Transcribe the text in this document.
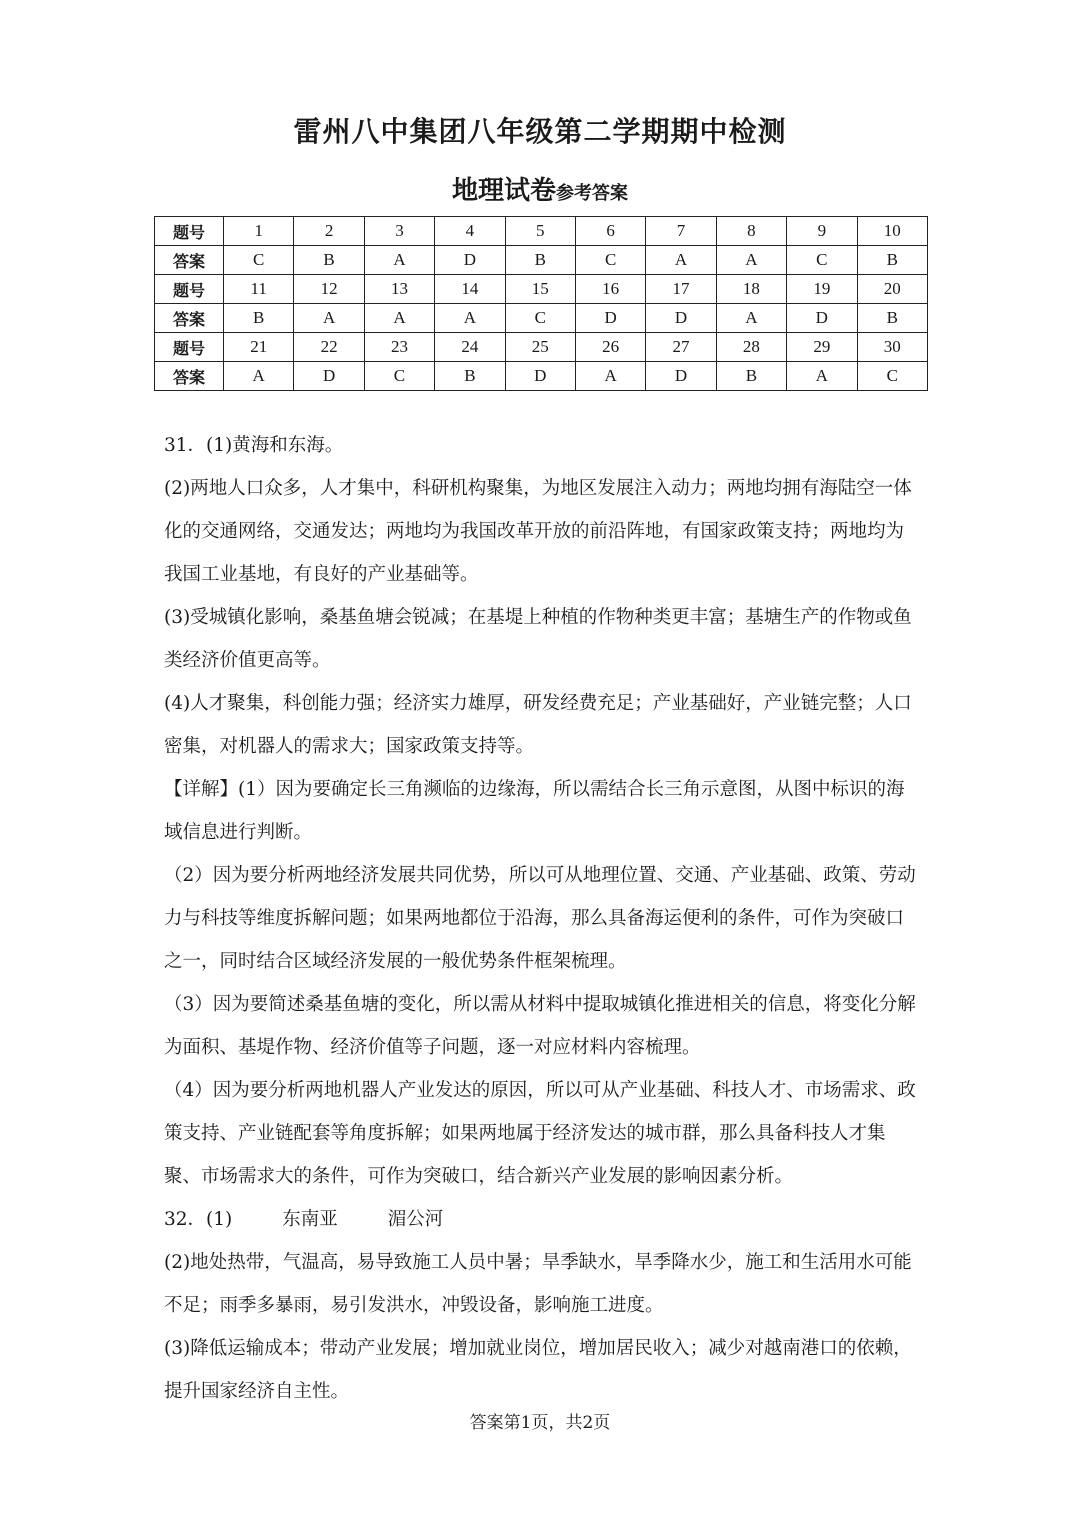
雷州八中集团八年级第二学期期中检测
地理试卷参考答案
题号	1	2	3	4	5	6	7	8	9	10
答案	C	B	A	D	B	C	A	A	C	B
题号	11	12	13	14	15	16	17	18	19	20
答案	B	A	A	A	C	D	D	A	D	B
题号	21	22	23	24	25	26	27	28	29	30
答案	A	D	C	B	D	A	D	B	A	C

31．(1)黄海和东海。

(2)两地人口众多，人才集中，科研机构聚集，为地区发展注入动力；两地均拥有海陆空一体化的交通网络，交通发达；两地均为我国改革开放的前沿阵地，有国家政策支持；两地均为我国工业基地，有良好的产业基础等。

(3)受城镇化影响，桑基鱼塘会锐减；在基堤上种植的作物种类更丰富；基塘生产的作物或鱼类经济价值更高等。

(4)人才聚集，科创能力强；经济实力雄厚，研发经费充足；产业基础好，产业链完整；人口密集，对机器人的需求大；国家政策支持等。

【详解】(1）因为要确定长三角濒临的边缘海，所以需结合长三角示意图，从图中标识的海域信息进行判断。

（2）因为要分析两地经济发展共同优势，所以可从地理位置、交通、产业基础、政策、劳动力与科技等维度拆解问题；如果两地都位于沿海，那么具备海运便利的条件，可作为突破口之一，同时结合区域经济发展的一般优势条件框架梳理。

（3）因为要简述桑基鱼塘的变化，所以需从材料中提取城镇化推进相关的信息，将变化分解为面积、基堤作物、经济价值等子问题，逐一对应材料内容梳理。

（4）因为要分析两地机器人产业发达的原因，所以可从产业基础、科技人才、市场需求、政策支持、产业链配套等角度拆解；如果两地属于经济发达的城市群，那么具备科技人才集聚、市场需求大的条件，可作为突破口，结合新兴产业发展的影响因素分析。

32．(1)	东南亚	湄公河

(2)地处热带，气温高，易导致施工人员中暑；旱季缺水，旱季降水少，施工和生活用水可能不足；雨季多暴雨，易引发洪水，冲毁设备，影响施工进度。

(3)降低运输成本；带动产业发展；增加就业岗位，增加居民收入；减少对越南港口的依赖，提升国家经济自主性。

答案第1页，共2页
